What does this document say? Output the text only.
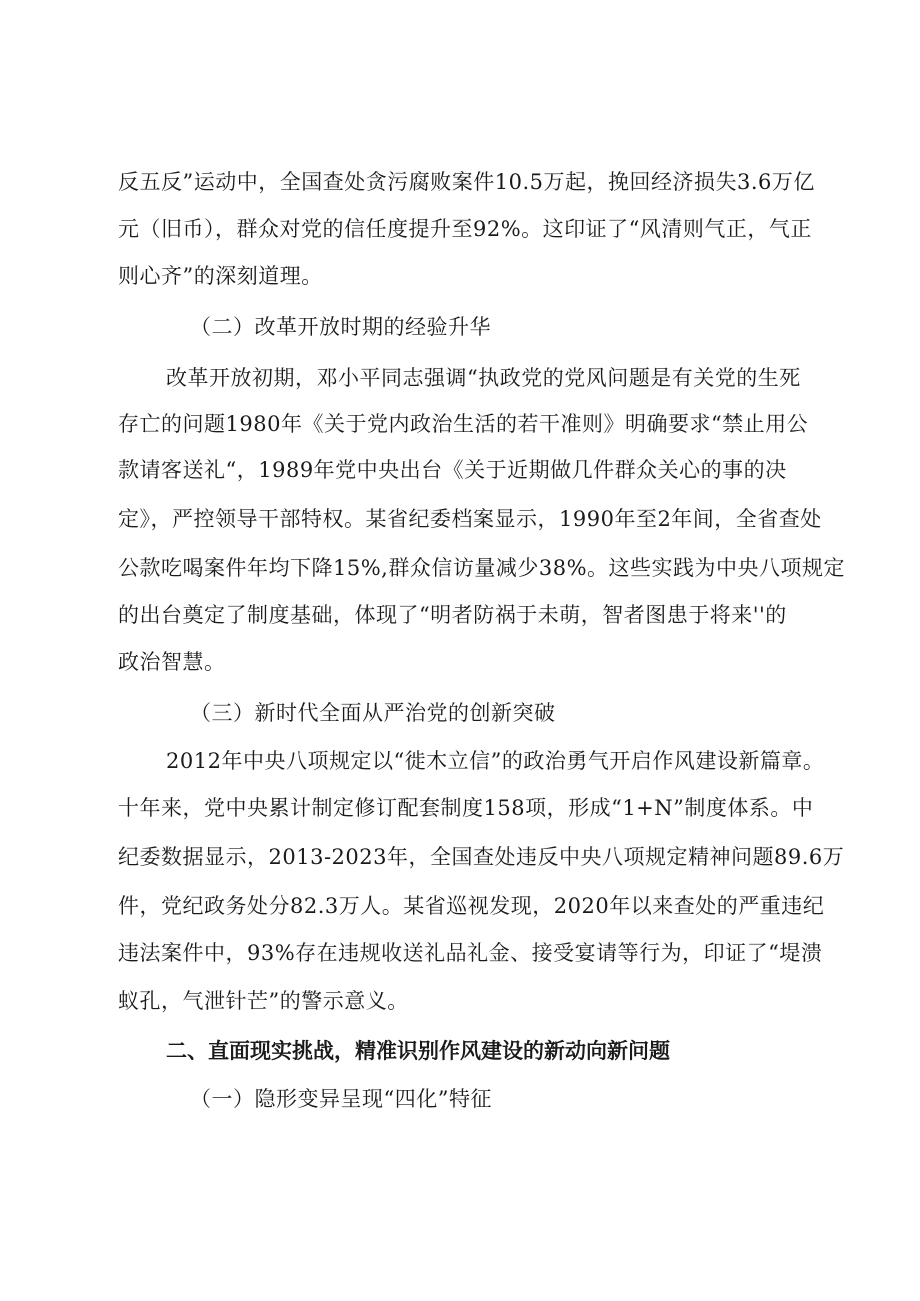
反五反”运动中，全国查处贪污腐败案件10.5万起，挽回经济损失3.6万亿
元（旧币），群众对党的信任度提升至92%。这印证了“风清则气正，气正
则心齐”的深刻道理。
（二）改革开放时期的经验升华
改革开放初期，邓小平同志强调“执政党的党风问题是有关党的生死
存亡的问题1980年《关于党内政治生活的若干准则》明确要求“禁止用公
款请客送礼“，1989年党中央出台《关于近期做几件群众关心的事的决
定》，严控领导干部特权。某省纪委档案显示，1990年至2年间，全省查处
公款吃喝案件年均下降15%,群众信访量减少38%。这些实践为中央八项规定
的出台奠定了制度基础，体现了“明者防祸于未萌，智者图患于将来''的
政治智慧。
（三）新时代全面从严治党的创新突破
2012年中央八项规定以“徙木立信”的政治勇气开启作风建设新篇章。
十年来，党中央累计制定修订配套制度158项，形成“1+N”制度体系。中
纪委数据显示，2013-2023年，全国查处违反中央八项规定精神问题89.6万
件，党纪政务处分82.3万人。某省巡视发现，2020年以来查处的严重违纪
违法案件中，93%存在违规收送礼品礼金、接受宴请等行为，印证了“堤溃
蚁孔，气泄针芒”的警示意义。
二、直面现实挑战，精准识别作风建设的新动向新问题
（一）隐形变异呈现“四化”特征
